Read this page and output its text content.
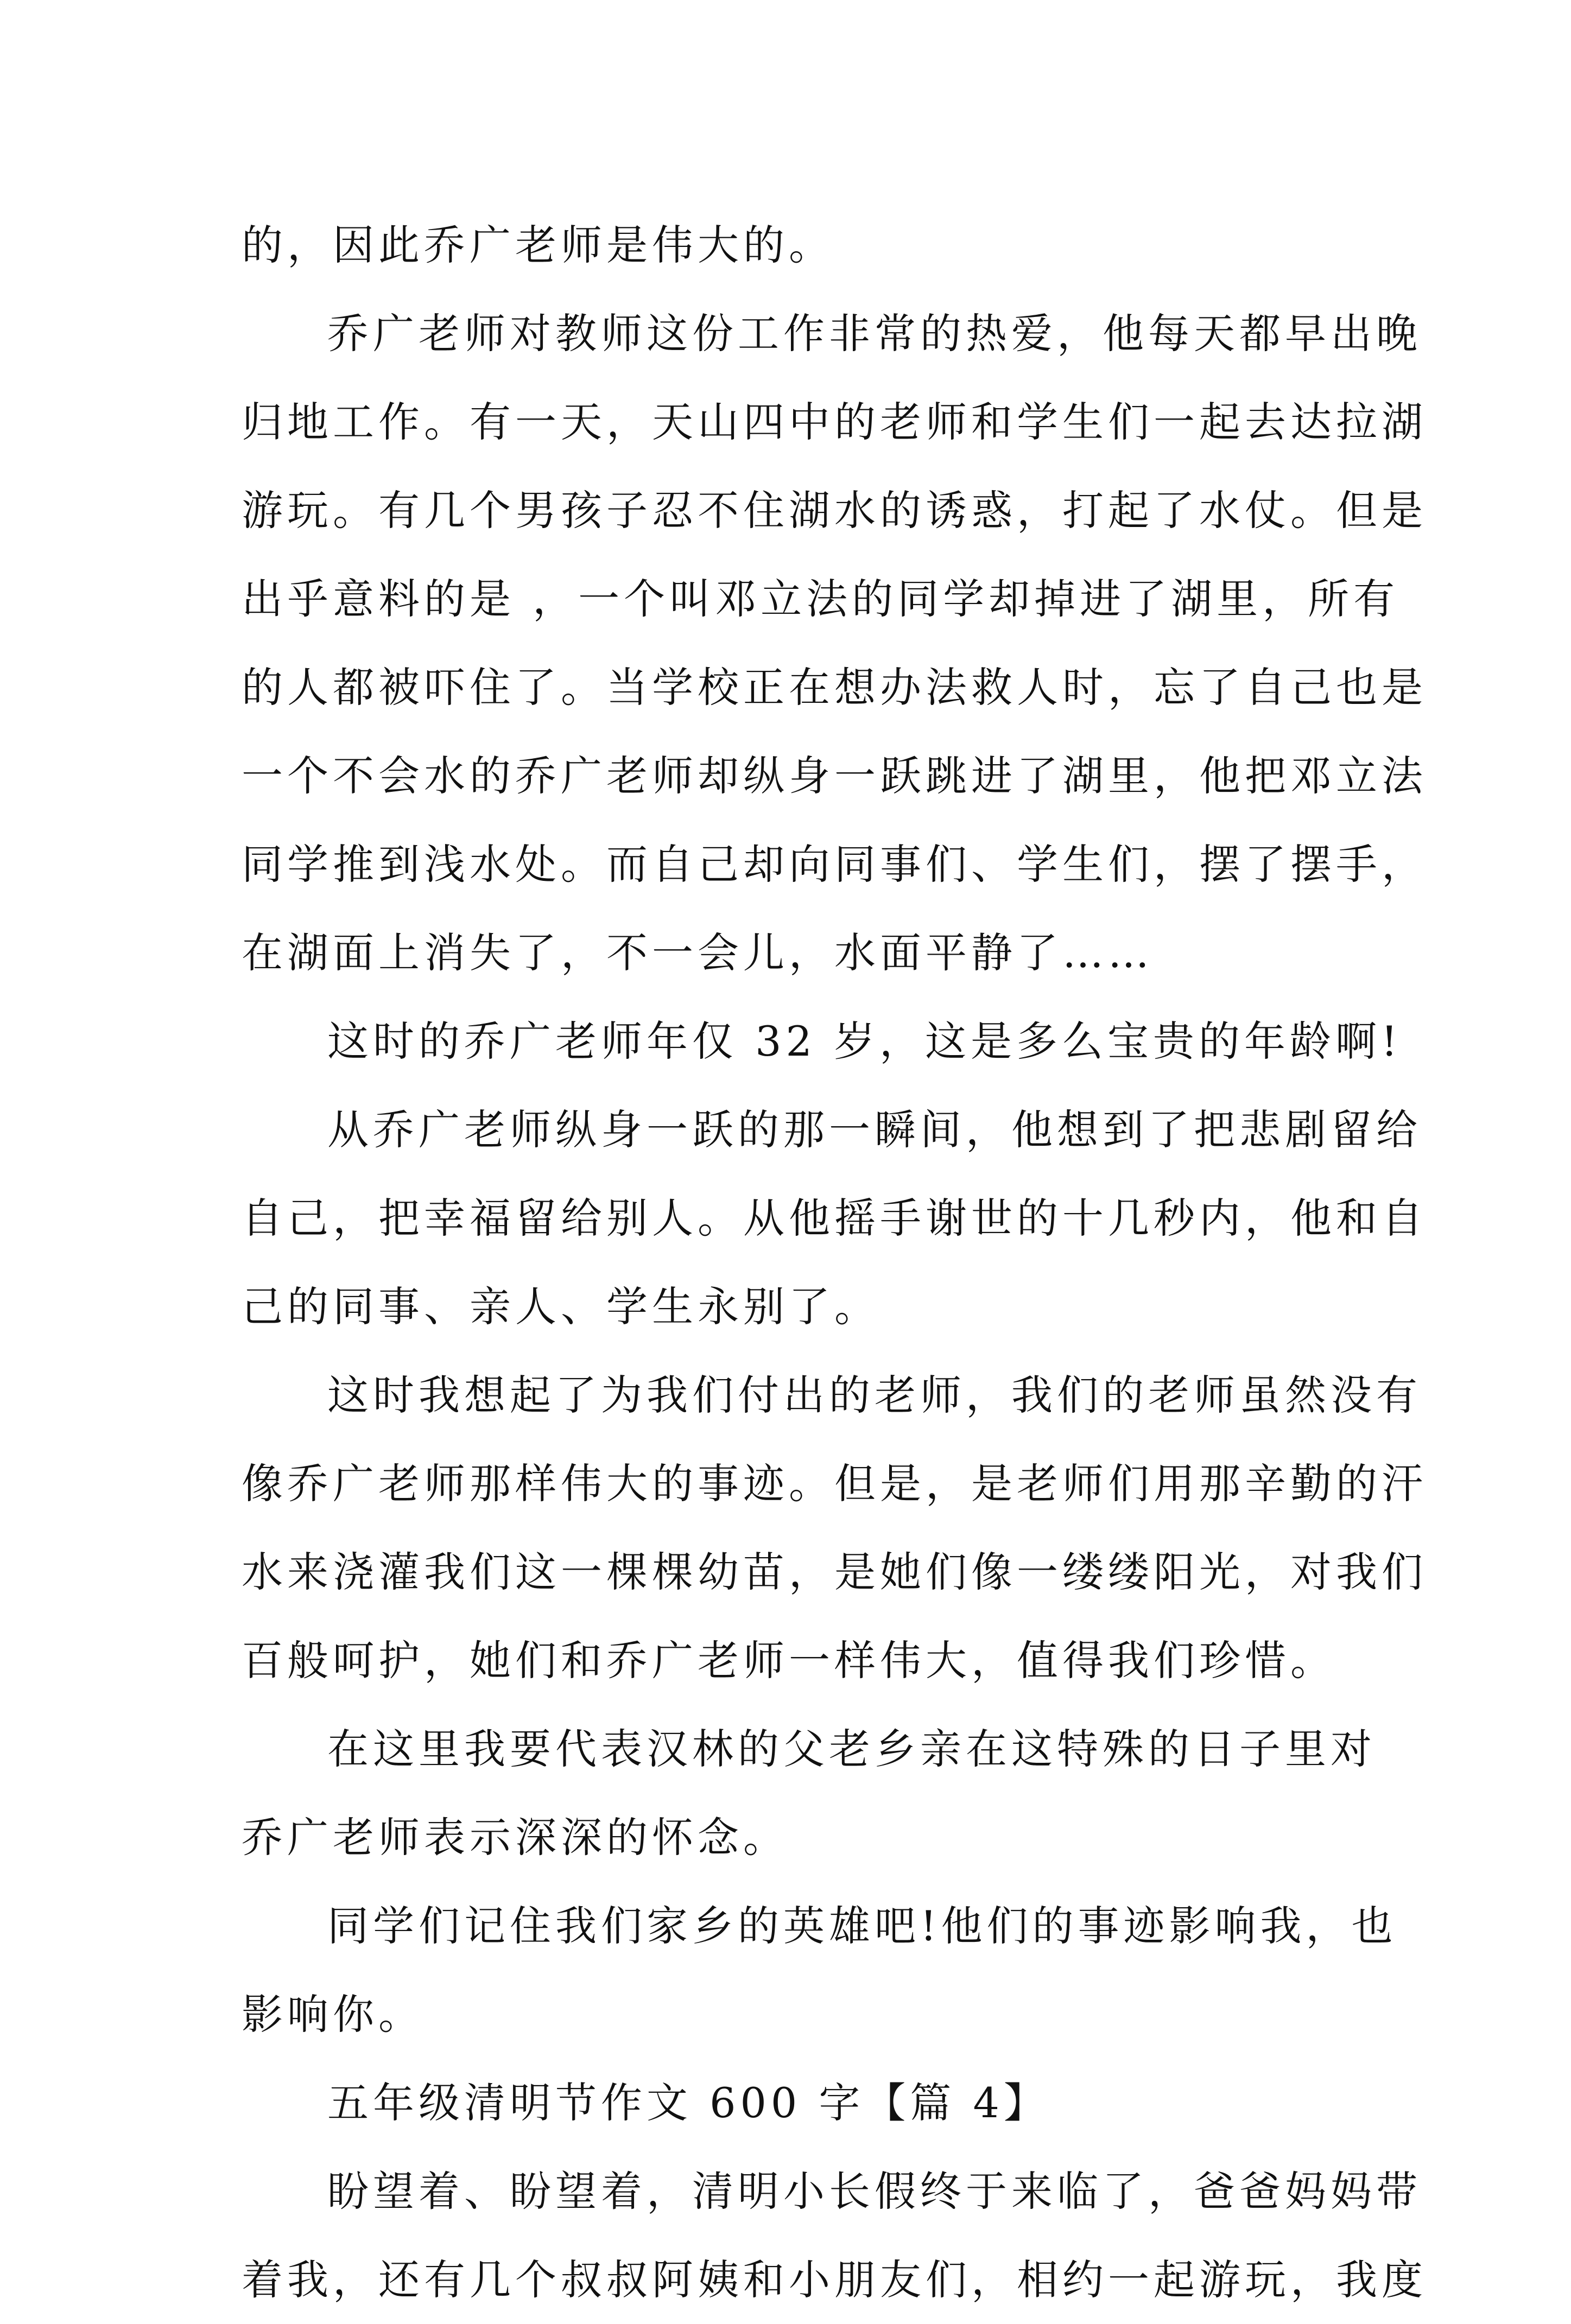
的，因此乔广老师是伟大的。
乔广老师对教师这份工作非常的热爱，他每天都早出晚
归地工作。有一天，天山四中的老师和学生们一起去达拉湖
游玩。有几个男孩子忍不住湖水的诱惑，打起了水仗。但是
出乎意料的是 ，一个叫邓立法的同学却掉进了湖里，所有
的人都被吓住了。当学校正在想办法救人时，忘了自己也是
一个不会水的乔广老师却纵身一跃跳进了湖里，他把邓立法
同学推到浅水处。而自己却向同事们、学生们，摆了摆手，
在湖面上消失了，不一会儿，水面平静了……
这时的乔广老师年仅 32 岁，这是多么宝贵的年龄啊!
从乔广老师纵身一跃的那一瞬间，他想到了把悲剧留给
自己，把幸福留给别人。从他摇手谢世的十几秒内，他和自
己的同事、亲人、学生永别了。
这时我想起了为我们付出的老师，我们的老师虽然没有
像乔广老师那样伟大的事迹。但是，是老师们用那辛勤的汗
水来浇灌我们这一棵棵幼苗，是她们像一缕缕阳光，对我们
百般呵护，她们和乔广老师一样伟大，值得我们珍惜。
在这里我要代表汉林的父老乡亲在这特殊的日子里对
乔广老师表示深深的怀念。
同学们记住我们家乡的英雄吧!他们的事迹影响我，也
影响你。
五年级清明节作文 600 字【篇 4】
盼望着、盼望着，清明小长假终于来临了，爸爸妈妈带
着我，还有几个叔叔阿姨和小朋友们，相约一起游玩，我度
